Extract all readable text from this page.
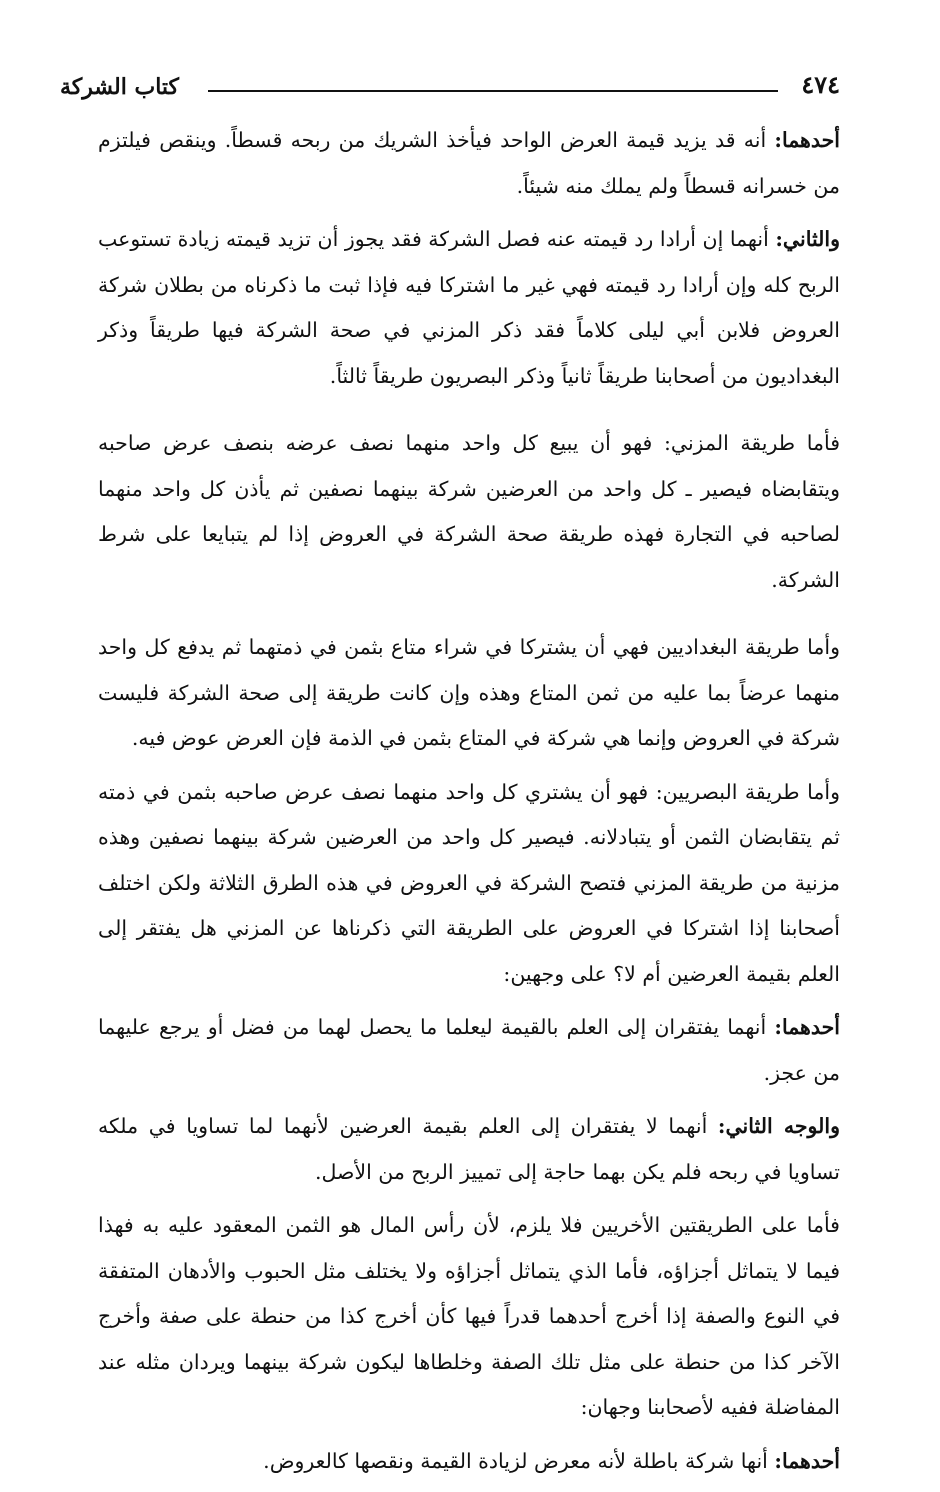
٤٧٤
كتاب الشركة

أحدهما: أنه قد يزيد قيمة العرض الواحد فيأخذ الشريك من ربحه قسطاً. وينقص فيلتزم من خسرانه قسطاً ولم يملك منه شيئاً.

والثاني: أنهما إن أرادا رد قيمته عنه فصل الشركة فقد يجوز أن تزيد قيمته زيادة تستوعب الربح كله وإن أرادا رد قيمته فهي غير ما اشتركا فيه فإذا ثبت ما ذكرناه من بطلان شركة العروض فلابن أبي ليلى كلاماً فقد ذكر المزني في صحة الشركة فيها طريقاً وذكر البغداديون من أصحابنا طريقاً ثانياً وذكر البصريون طريقاً ثالثاً.

فأما طريقة المزني: فهو أن يبيع كل واحد منهما نصف عرضه بنصف عرض صاحبه ويتقابضاه فيصير ـ كل واحد من العرضين شركة بينهما نصفين ثم يأذن كل واحد منهما لصاحبه في التجارة فهذه طريقة صحة الشركة في العروض إذا لم يتبايعا على شرط الشركة.

وأما طريقة البغداديين فهي أن يشتركا في شراء متاع بثمن في ذمتهما ثم يدفع كل واحد منهما عرضاً بما عليه من ثمن المتاع وهذه وإن كانت طريقة إلى صحة الشركة فليست شركة في العروض وإنما هي شركة في المتاع بثمن في الذمة فإن العرض عوض فيه.

وأما طريقة البصريين: فهو أن يشتري كل واحد منهما نصف عرض صاحبه بثمن في ذمته ثم يتقابضان الثمن أو يتبادلانه. فيصير كل واحد من العرضين شركة بينهما نصفين وهذه مزنية من طريقة المزني فتصح الشركة في العروض في هذه الطرق الثلاثة ولكن اختلف أصحابنا إذا اشتركا في العروض على الطريقة التي ذكرناها عن المزني هل يفتقر إلى العلم بقيمة العرضين أم لا؟ على وجهين:

أحدهما: أنهما يفتقران إلى العلم بالقيمة ليعلما ما يحصل لهما من فضل أو يرجع عليهما من عجز.

والوجه الثاني: أنهما لا يفتقران إلى العلم بقيمة العرضين لأنهما لما تساويا في ملكه تساويا في ربحه فلم يكن بهما حاجة إلى تمييز الربح من الأصل.

فأما على الطريقتين الأخريين فلا يلزم، لأن رأس المال هو الثمن المعقود عليه به فهذا فيما لا يتماثل أجزاؤه، فأما الذي يتماثل أجزاؤه ولا يختلف مثل الحبوب والأدهان المتفقة في النوع والصفة إذا أخرج أحدهما قدراً فيها كأن أخرج كذا من حنطة على صفة وأخرج الآخر كذا من حنطة على مثل تلك الصفة وخلطاها ليكون شركة بينهما ويردان مثله عند المفاضلة ففيه لأصحابنا وجهان:

أحدهما: أنها شركة باطلة لأنه معرض لزيادة القيمة ونقصها كالعروض.
